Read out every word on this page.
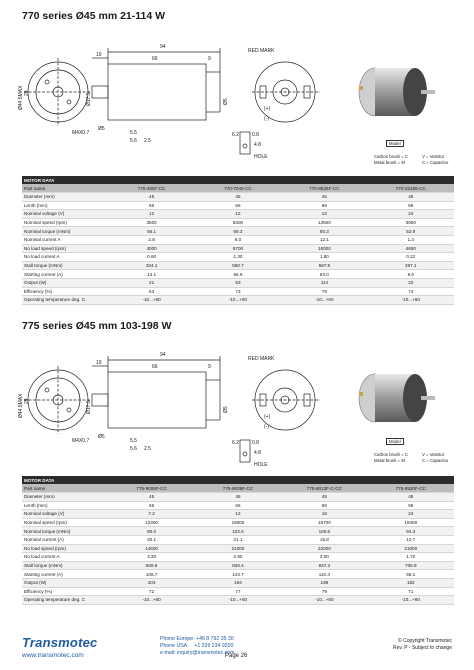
770 series Ø45 mm 21-114 W
94
19
66
5.5
9
29
Ø44.5MAX	Ø17.5
Ø5
Ø5
M4X0.7
2.5
5.6
RED MARK
(+)
(-)
6.2	0.8
4.8
HOLE
Model
Carbon brush = C
Metal brush = M
V = Varistor
C = Capacitor
MOTOR DATA				
Part name	770-4087-CC	770-7040-CC	770-8525F-CC	770-32165-CC
Diameter (mm)	45	45	45	45
Lenth (mm)	66	66	66	66
Nominal voltage (V)	12	12	12	24
Nominal speed (rpm)	3500	8400	13500	3900
Nominal torque (mNm)	56.1	59.3	80.3	52.9
Nominal current A	2.8	6.0	12.1	1.3
No load speed (rpm)	4000	9700	16000	4650
No load current A	0.60	1.30	1.80	0.22
Stall torque (mNm)	334.1	590.7	587.9	397.1
Starting current (A)	14.1	56.9	83.0	8.6
Output (W)	21	53	114	22
Efficiency (%)	63	73	79	74
Operating temperature deg. C	-10...+60	-10...+60	-10...+60	-10...+60
775 series Ø45 mm 103-198 W
94
19
66
5.5
9
29
Ø44.5MAX	Ø17.5
Ø5
Ø5
M4X0.7
2.5
5.6
RED MARK
(+)
(-)
6.2	0.8
4.8
HOLE
Model
Carbon brush = C
Metal brush = M
V = Varistor
C = Capacitor
MOTOR DATA				
Part name	775-9008F-CC	775-9009F-CC	775-8013F-C-CC	775-9520F-CC
Diameter (mm)	45	45	45	45
Lenth (mm)	66	66	66	66
Nominal voltage (V)	7.2	12	18	24
Nominal speed (rpm)	12300	18000	18700	18400
Nominal torque (mNm)	80.0	102.6	100.6	94.3
Nominal current (A)	20.1	21.1	15.8	10.7
No load speed (rpm)	14600	21000	22000	21000
No load current A	3.20	2.80	3.00	1.70
Stall torque (mNm)	506.8	836.4	837.3	705.9
Starting current (A)	108.7	143.7	110.4	68.1
Output (W)	103	194	198	182
Efficiency (%)	72	77	79	71
Operating temperature deg. C	-10...+60	-10...+60	-10...+60	-10...+60
Transmotec
www.transmotec.com
Phone Europe: +46 8 792 35 30
Phone USA:    +1 339 234 9200
e-mail: inquiry@transmotec.com
Page 26
© Copyright Transmotec
Rev. P - Subject to change
